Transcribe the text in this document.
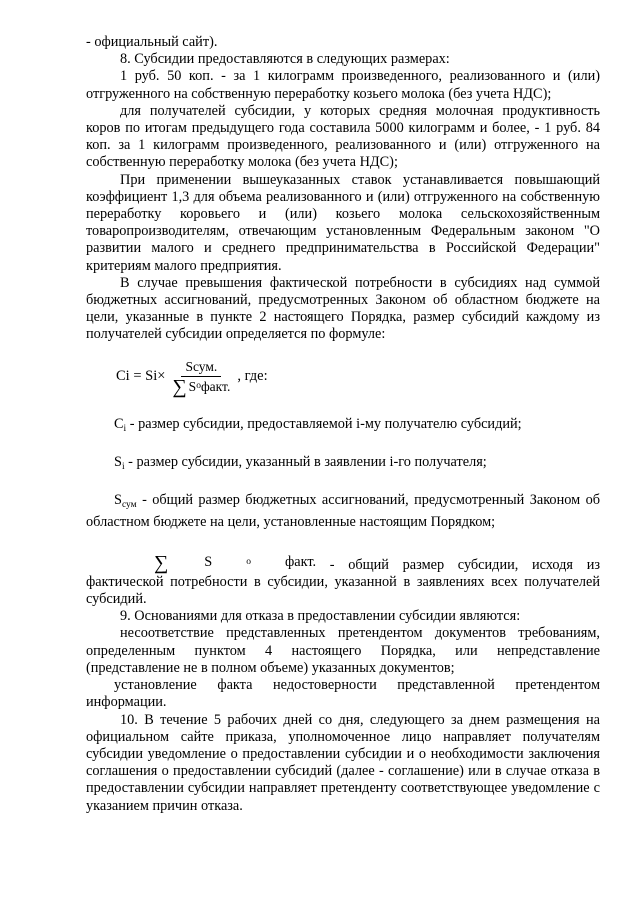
- официальный сайт).

8. Субсидии предоставляются в следующих размерах:

1 руб. 50 коп. - за 1 килограмм произведенного, реализованного и (или) отгруженного на собственную переработку козьего молока (без учета НДС);

для получателей субсидии, у которых средняя молочная продуктивность коров по итогам предыдущего года составила 5000 килограмм и более, - 1 руб. 84 коп. за 1 килограмм произведенного, реализованного и (или) отгруженного на собственную переработку молока (без учета НДС);

При применении вышеуказанных ставок устанавливается повышающий коэффициент 1,3 для объема реализованного и (или) отгруженного на собственную переработку коровьего и (или) козьего молока сельскохозяйственным товаропроизводителям, отвечающим установленным Федеральным законом "О развитии малого и среднего предпринимательства в Российской Федерации" критериям малого предприятия.

В случае превышения фактической потребности в субсидиях над суммой бюджетных ассигнований, предусмотренных Законом об областном бюджете на цели, указанные в пункте 2 настоящего Порядка, размер субсидий каждому из получателей субсидии определяется по формуле:

$Ci = Si\times \frac{\text{Sсум.}}{\text{∑ S o факт.}}$ , где:

$C_i$ - размер субсидии, предоставляемой i-му получателю субсидий;

$S_i$ - размер субсидии, указанный в заявлении i-го получателя;

$S_{сум}$ - общий размер бюджетных ассигнований, предусмотренный Законом об областном бюджете на цели, установленные настоящим Порядком;

∑	S	o	факт. - общий размер субсидии, исходя из фактической потребности в субсидии, указанной в заявлениях всех получателей субсидий.

9. Основаниями для отказа в предоставлении субсидии являются:

несоответствие представленных претендентом документов требованиям, определенным пунктом 4 настоящего Порядка, или непредставление (представление не в полном объеме) указанных документов;

установление факта недостоверности представленной претендентом информации.

10. В течение 5 рабочих дней со дня, следующего за днем размещения на официальном сайте приказа, уполномоченное лицо направляет получателям субсидии уведомление о предоставлении субсидии и о необходимости заключения соглашения о предоставлении субсидий (далее - соглашение) или в случае отказа в предоставлении субсидии направляет претенденту соответствующее уведомление с указанием причин отказа.
